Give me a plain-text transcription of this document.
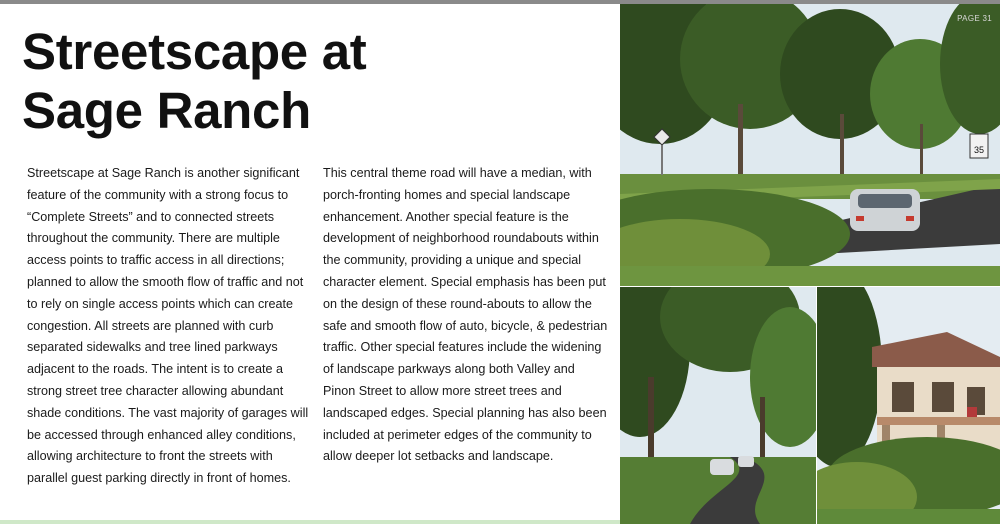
Streetscape at
Sage Ranch
Streetscape at Sage Ranch is another significant feature of the community with a strong focus to “Complete Streets” and to connected streets throughout the community. There are multiple access points to traffic access in all directions; planned to allow the smooth flow of traffic and not to rely on single access points which can create congestion. All streets are planned with curb separated sidewalks and tree lined parkways adjacent to the roads. The intent is to create a strong street tree character allowing abundant shade conditions. The vast majority of garages will be accessed through enhanced alley conditions, allowing architecture to front the streets with parallel guest parking directly in front of homes.
This central theme road will have a median, with porch-fronting homes and special landscape enhancement. Another special feature is the development of neighborhood roundabouts within the community, providing a unique and special character element. Special emphasis has been put on the design of these round-abouts to allow the safe and smooth flow of auto, bicycle, & pedestrian traffic. Other special features include the widening of landscape parkways along both Valley and Pinon Street to allow more street trees and landscaped edges. Special planning has also been included at perimeter edges of the community to allow deeper lot setbacks and landscape.
35
PAGE 31
